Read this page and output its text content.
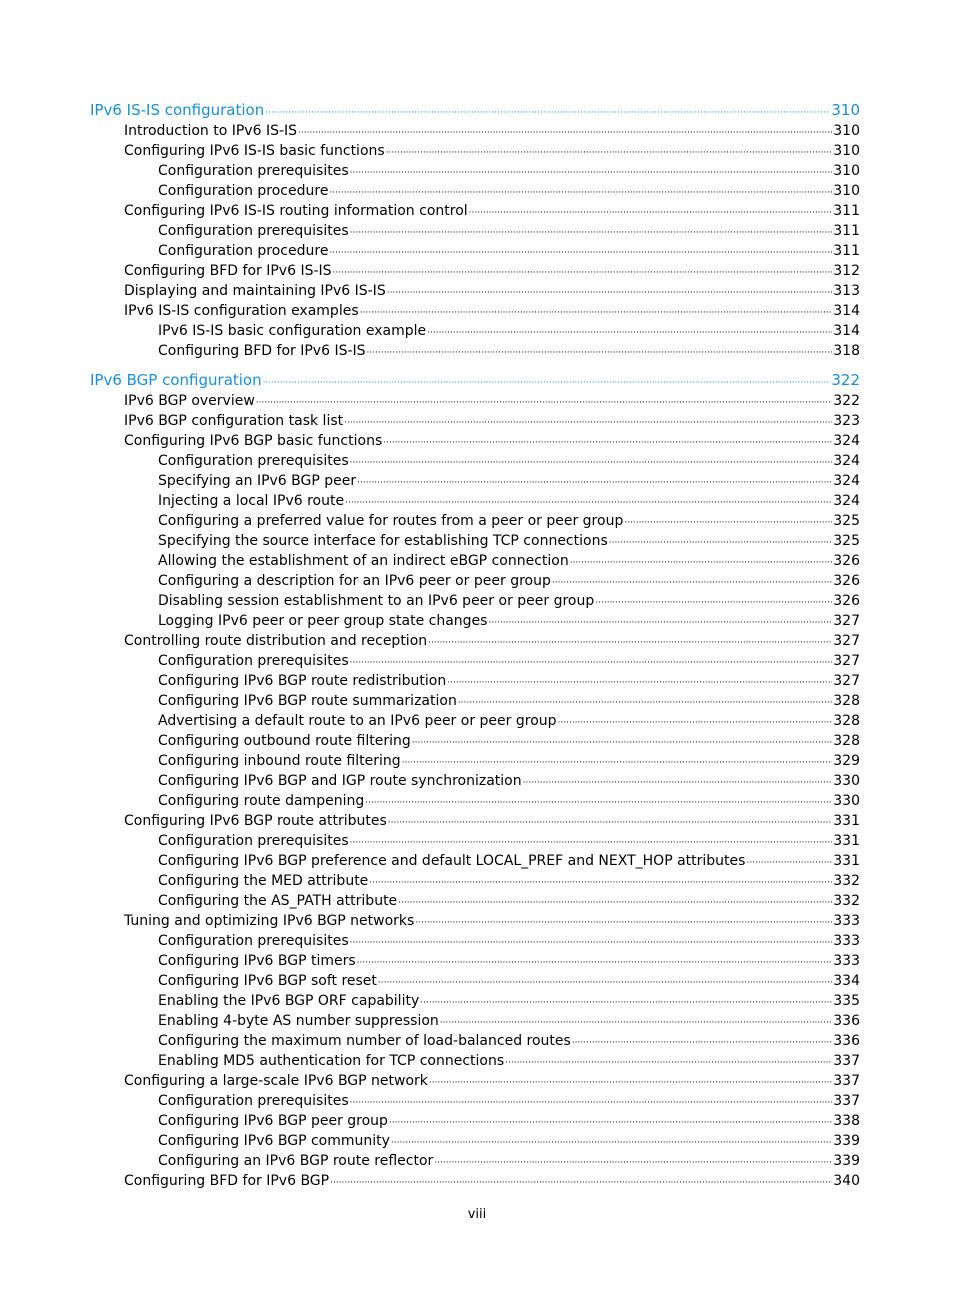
IPv6 IS-IS configuration ·····	310
Introduction to IPv6 IS-IS ·····	310
Configuring IPv6 IS-IS basic functions ·····	310
Configuration prerequisites ·····	310
Configuration procedure ·····	310
Configuring IPv6 IS-IS routing information control ·····	311
Configuration prerequisites ·····	311
Configuration procedure ·····	311
Configuring BFD for IPv6 IS-IS ·····	312
Displaying and maintaining IPv6 IS-IS ·····	313
IPv6 IS-IS configuration examples ·····	314
IPv6 IS-IS basic configuration example ·····	314
Configuring BFD for IPv6 IS-IS ·····	318
IPv6 BGP configuration ·····	322
IPv6 BGP overview ·····	322
IPv6 BGP configuration task list ·····	323
Configuring IPv6 BGP basic functions ·····	324
Configuration prerequisites ·····	324
Specifying an IPv6 BGP peer ·····	324
Injecting a local IPv6 route ·····	324
Configuring a preferred value for routes from a peer or peer group ·····	325
Specifying the source interface for establishing TCP connections ·····	325
Allowing the establishment of an indirect eBGP connection ·····	326
Configuring a description for an IPv6 peer or peer group ·····	326
Disabling session establishment to an IPv6 peer or peer group ·····	326
Logging IPv6 peer or peer group state changes ·····	327
Controlling route distribution and reception ·····	327
Configuration prerequisites ·····	327
Configuring IPv6 BGP route redistribution ·····	327
Configuring IPv6 BGP route summarization ·····	328
Advertising a default route to an IPv6 peer or peer group ·····	328
Configuring outbound route filtering ·····	328
Configuring inbound route filtering ·····	329
Configuring IPv6 BGP and IGP route synchronization ·····	330
Configuring route dampening ·····	330
Configuring IPv6 BGP route attributes ·····	331
Configuration prerequisites ·····	331
Configuring IPv6 BGP preference and default LOCAL_PREF and NEXT_HOP attributes ·····	331
Configuring the MED attribute ·····	332
Configuring the AS_PATH attribute ·····	332
Tuning and optimizing IPv6 BGP networks ·····	333
Configuration prerequisites ·····	333
Configuring IPv6 BGP timers ·····	333
Configuring IPv6 BGP soft reset ·····	334
Enabling the IPv6 BGP ORF capability ·····	335
Enabling 4-byte AS number suppression ·····	336
Configuring the maximum number of load-balanced routes ·····	336
Enabling MD5 authentication for TCP connections ·····	337
Configuring a large-scale IPv6 BGP network ·····	337
Configuration prerequisites ·····	337
Configuring IPv6 BGP peer group ·····	338
Configuring IPv6 BGP community ·····	339
Configuring an IPv6 BGP route reflector ·····	339
Configuring BFD for IPv6 BGP ·····	340
viii
